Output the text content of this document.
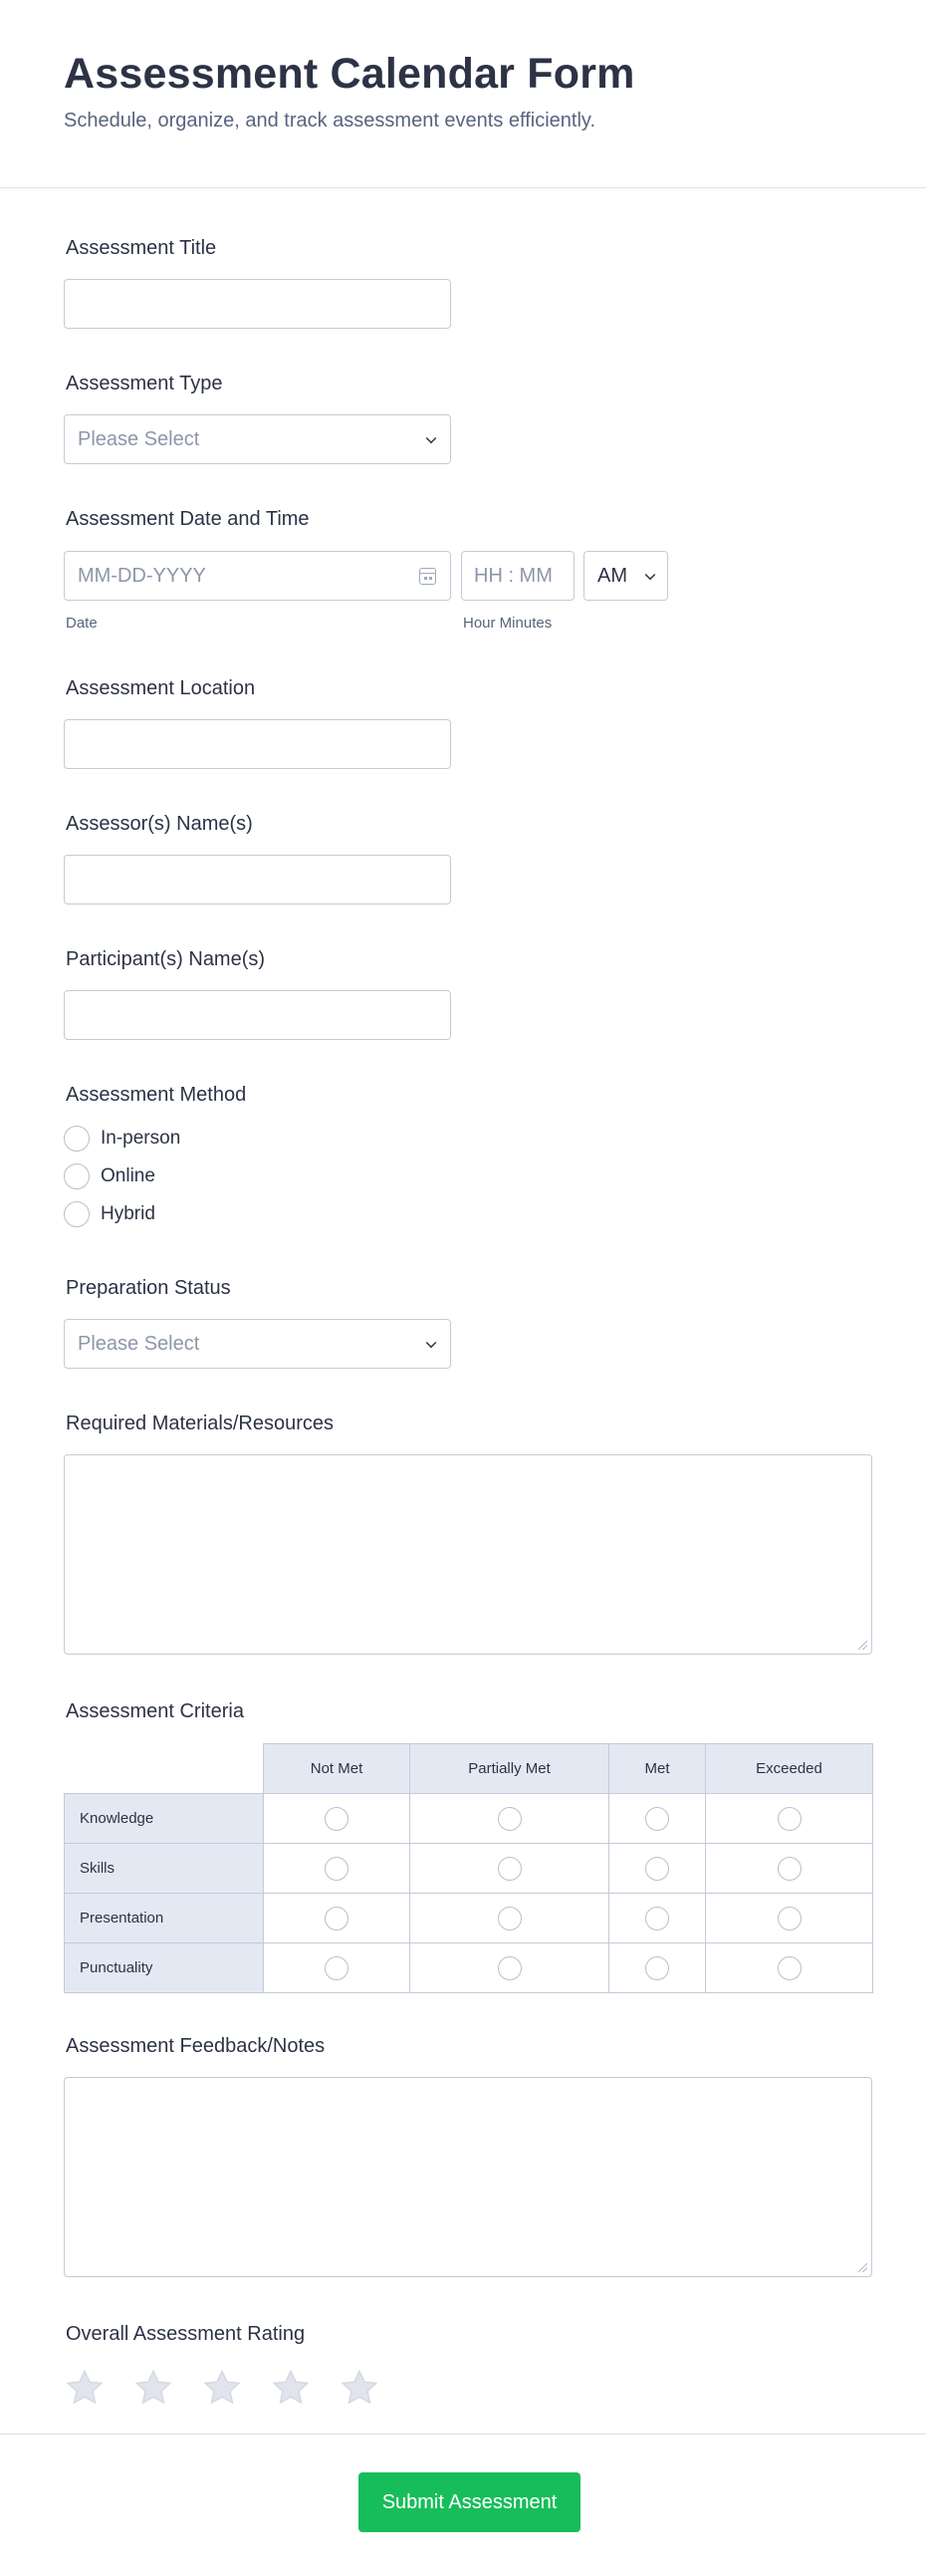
Assessment Calendar Form
Schedule, organize, and track assessment events efficiently.
Assessment Title
Assessment Type
Please Select
Assessment Date and Time
MM-DD-YYYY	HH : MM AM
Date	Hour Minutes
Assessment Location
Assessor(s) Name(s)
Participant(s) Name(s)
Assessment Method
In-person
Online
Hybrid
Preparation Status
Please Select
Required Materials/Resources
Assessment Criteria
	Not Met	Partially Met	Met	Exceeded
Knowledge				
Skills				
Presentation				
Punctuality				
Assessment Feedback/Notes
Overall Assessment Rating
Submit Assessment
